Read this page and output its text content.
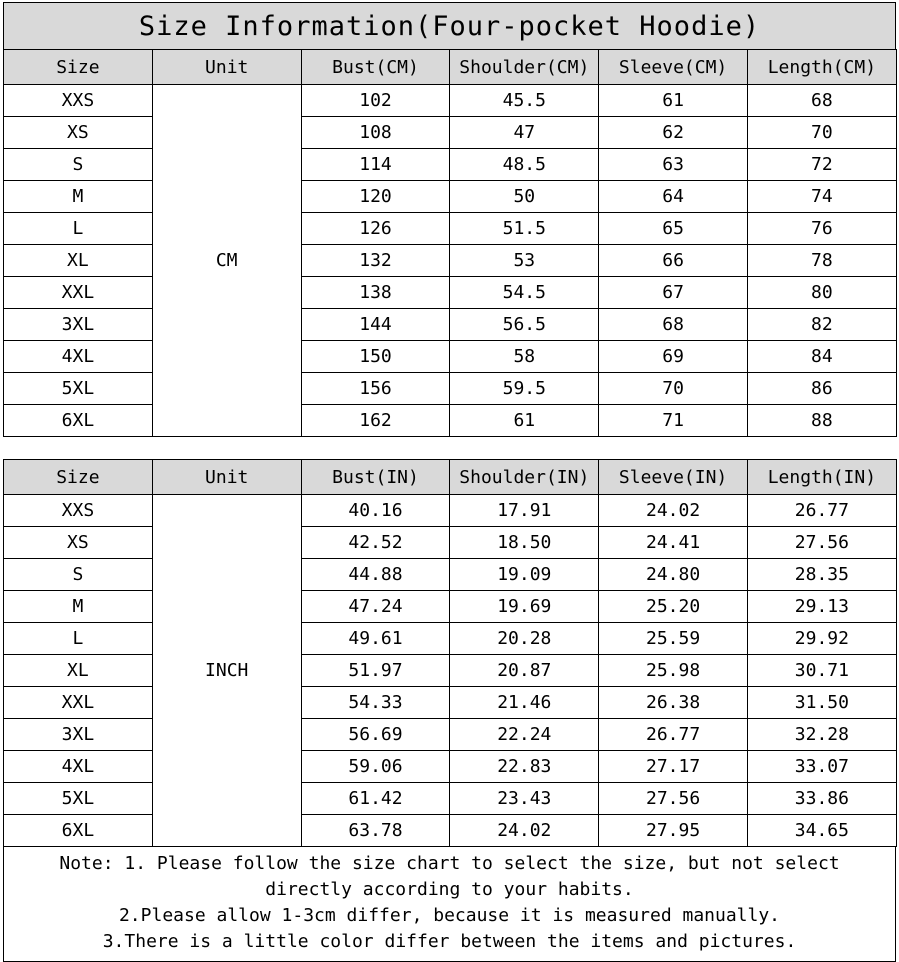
Size Information(Four-pocket Hoodie)
Size	Unit	Bust(CM)	Shoulder(CM)	Sleeve(CM)	Length(CM)
XXS	CM	102	45.5	61	68
XS		108	47	62	70
S		114	48.5	63	72
M		120	50	64	74
L		126	51.5	65	76
XL		132	53	66	78
XXL		138	54.5	67	80
3XL		144	56.5	68	82
4XL		150	58	69	84
5XL		156	59.5	70	86
6XL		162	61	71	88
Size	Unit	Bust(IN)	Shoulder(IN)	Sleeve(IN)	Length(IN)
XXS	INCH	40.16	17.91	24.02	26.77
XS		42.52	18.50	24.41	27.56
S		44.88	19.09	24.80	28.35
M		47.24	19.69	25.20	29.13
L		49.61	20.28	25.59	29.92
XL		51.97	20.87	25.98	30.71
XXL		54.33	21.46	26.38	31.50
3XL		56.69	22.24	26.77	32.28
4XL		59.06	22.83	27.17	33.07
5XL		61.42	23.43	27.56	33.86
6XL		63.78	24.02	27.95	34.65
Note: 1. Please follow the size chart to select the size, but not select
directly according to your habits.
2.Please allow 1-3cm differ, because it is measured manually.
3.There is a little color differ between the items and pictures.
